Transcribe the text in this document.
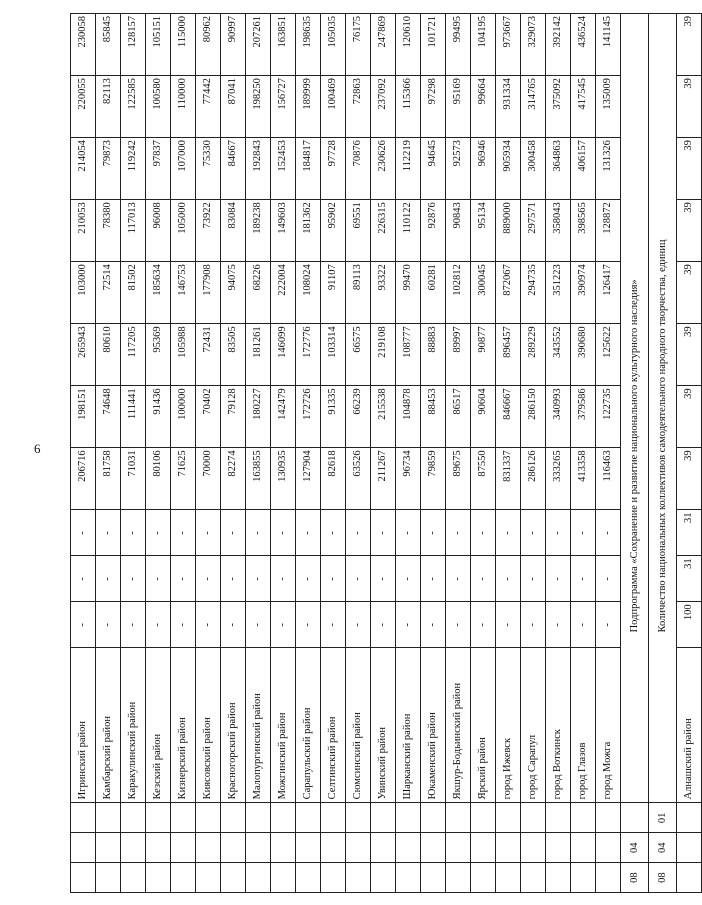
6
			Игринский район	-	-	-	206716	198151	265943	103000	210053	214054	220055	230058
			Камбарский район	-	-	-	81758	74648	80610	72514	78380	79873	82113	85845
			Каракулинский район	-	-	-	71031	111441	117205	81502	117013	119242	122585	128157
			Кезский район	-	-	-	80106	91436	95369	185634	96008	97837	100580	105151
			Кизнерский район	-	-	-	71625	100000	105988	146753	105000	107000	110000	115000
			Киясовский район	-	-	-	70000	70402	72431	177908	73922	75330	77442	80962
			Красногорский район	-	-	-	82274	79128	83505	94075	83084	84667	87041	90997
			Малопургинский район	-	-	-	163855	180227	181261	68226	189238	192843	198250	207261
			Можгинский район	-	-	-	130935	142479	146099	222004	149603	152453	156727	163851
			Сарапульский район	-	-	-	127904	172726	172776	108024	181362	184817	189999	198635
			Селтинский район	-	-	-	82618	91335	103314	91107	95902	97728	100469	105035
			Сюмсинский район	-	-	-	63526	66239	66575	89113	69551	70876	72863	76175
			Увинский район	-	-	-	211267	215538	219108	93322	226315	230626	237092	247869
			Шарканский район	-	-	-	96734	104878	108777	99470	110122	112219	115366	120610
			Юкаменский район	-	-	-	79859	88453	88883	60281	92876	94645	97298	101721
			Якшур-Бодьинский район	-	-	-	89675	86517	89997	102812	90843	92573	95169	99495
			Ярский район	-	-	-	87550	90604	90877	300045	95134	96946	99664	104195
			город Ижевск	-	-	-	831337	846667	896457	872067	889000	905934	931334	973667
			город Сарапул	-	-	-	286126	286150	289229	294735	297571	300458	314765	329073
			город Воткинск	-	-	-	333265	340993	343552	351223	358043	364863	375092	392142
			город Глазов	-	-	-	413358	379586	390680	390974	398565	406157	417545	436524
			город Можга	-	-	-	116463	122735	125622	126417	128872	131326	135009	141145
08	04		Подпрограмма «Сохранение и развитие национального культурного наследия»											
08	04	01	Количество национальных коллективов самодеятельного народного творчества, единиц											
			Алнашский район	100	31	31	39	39	39	39	39	39	39	39
